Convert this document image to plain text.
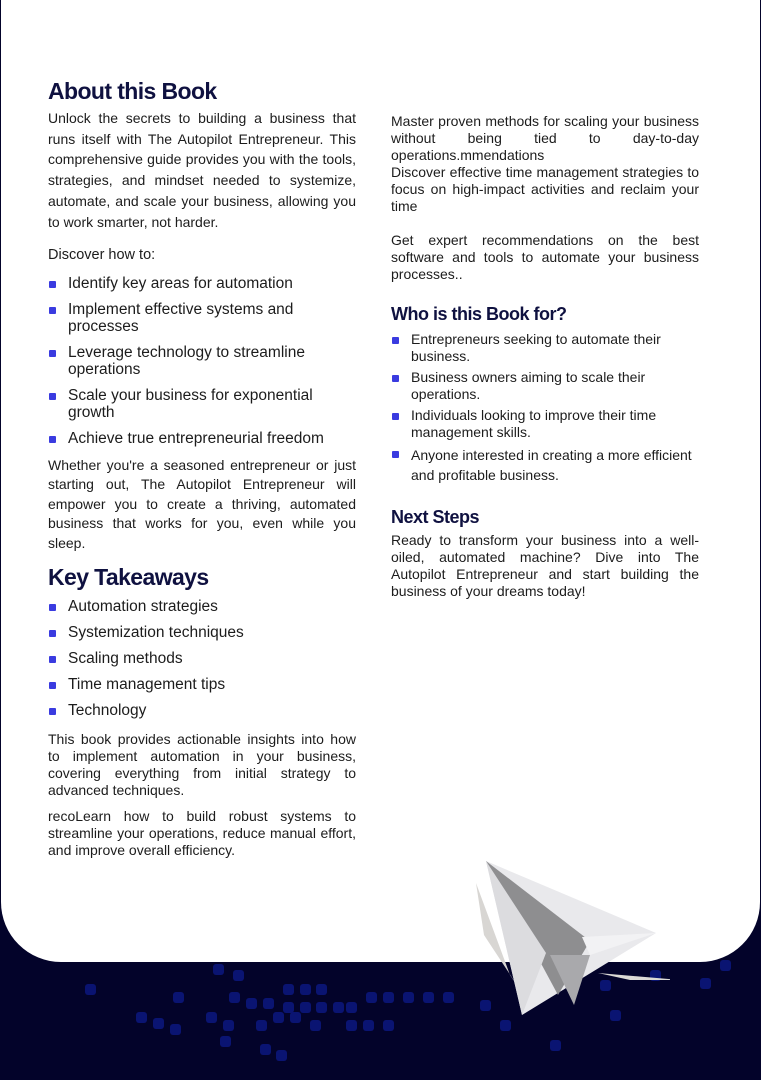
About this Book

Unlock the secrets to building a business that runs itself with The Autopilot Entrepreneur. This comprehensive guide provides you with the tools, strategies, and mindset needed to systemize, automate, and scale your business, allowing you to work smarter, not harder.

Discover how to:

Identify key areas for automation
Implement effective systems and processes
Leverage technology to streamline operations
Scale your business for exponential growth
Achieve true entrepreneurial freedom

Whether you're a seasoned entrepreneur or just starting out, The Autopilot Entrepreneur will empower you to create a thriving, automated business that works for you, even while you sleep.

Key Takeaways
Automation strategies
Systemization techniques
Scaling methods
Time management tips
Technology

This book provides actionable insights into how to implement automation in your business, covering everything from initial strategy to advanced techniques.

recoLearn how to build robust systems to streamline your operations, reduce manual effort, and improve overall efficiency.

Master proven methods for scaling your business without being tied to day-to-day operations.mmendations

Discover effective time management strategies to focus on high-impact activities and reclaim your time

Get expert recommendations on the best software and tools to automate your business processes..

Who is this Book for?
Entrepreneurs seeking to automate their business.
Business owners aiming to scale their operations.
Individuals looking to improve their time management skills.
Anyone interested in creating a more efficient and profitable business.
Next Steps

Ready to transform your business into a well-oiled, automated machine? Dive into The Autopilot Entrepreneur and start building the business of your dreams today!
